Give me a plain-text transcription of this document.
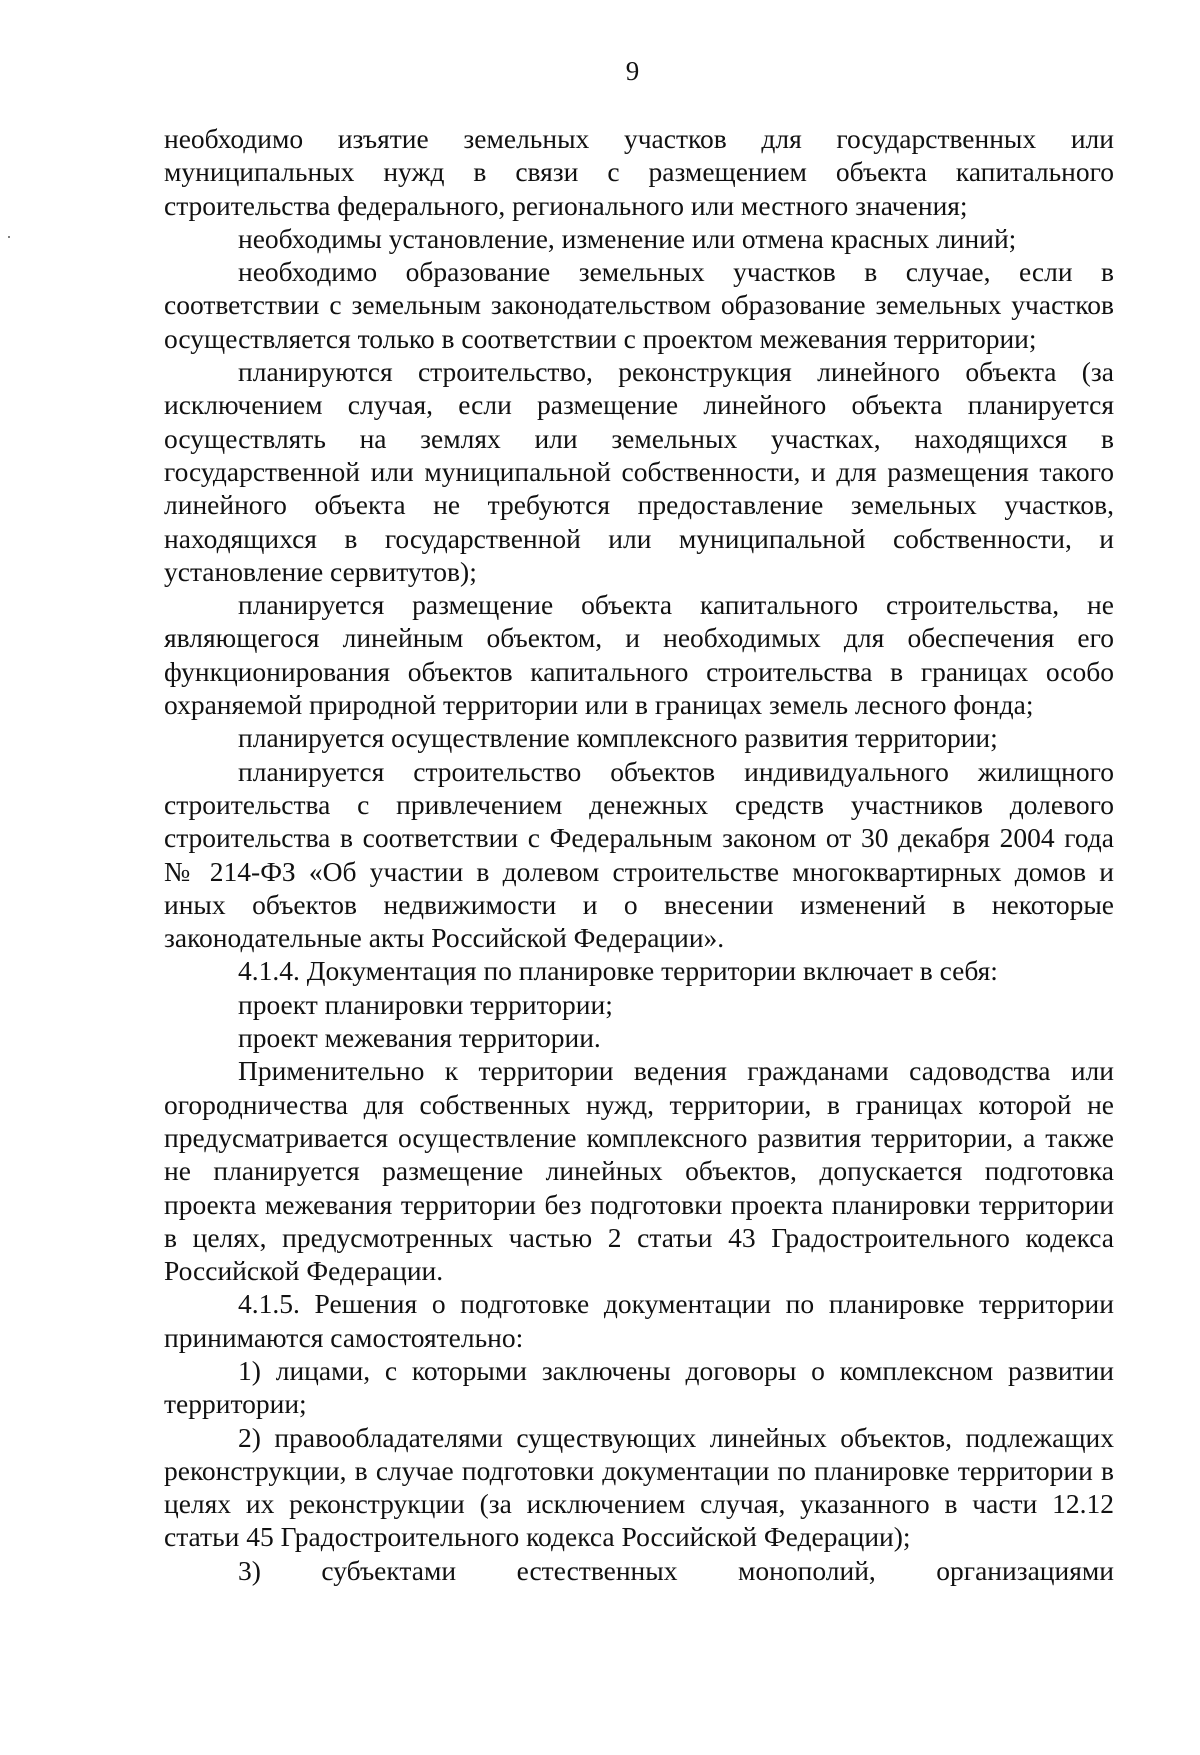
9

необходимо изъятие земельных участков для государственных или муниципальных нужд в связи с размещением объекта капитального строительства федерального, регионального или местного значения;

необходимы установление, изменение или отмена красных линий;

необходимо образование земельных участков в случае, если в соответствии с земельным законодательством образование земельных участков осуществляется только в соответствии с проектом межевания территории;

планируются строительство, реконструкция линейного объекта (за исключением случая, если размещение линейного объекта планируется осуществлять на землях или земельных участках, находящихся в государственной или муниципальной собственности, и для размещения такого линейного объекта не требуются предоставление земельных участков, находящихся в государственной или муниципальной собственности, и установление сервитутов);

планируется размещение объекта капитального строительства, не являющегося линейным объектом, и необходимых для обеспечения его функционирования объектов капитального строительства в границах особо охраняемой природной территории или в границах земель лесного фонда;

планируется осуществление комплексного развития территории;

планируется строительство объектов индивидуального жилищного строительства с привлечением денежных средств участников долевого строительства в соответствии с Федеральным законом от 30 декабря 2004 года № 214-ФЗ «Об участии в долевом строительстве многоквартирных домов и иных объектов недвижимости и о внесении изменений в некоторые законодательные акты Российской Федерации».

4.1.4. Документация по планировке территории включает в себя:

проект планировки территории;

проект межевания территории.

Применительно к территории ведения гражданами садоводства или огородничества для собственных нужд, территории, в границах которой не предусматривается осуществление комплексного развития территории, а также не планируется размещение линейных объектов, допускается подготовка проекта межевания территории без подготовки проекта планировки территории в целях, предусмотренных частью 2 статьи 43 Градостроительного кодекса Российской Федерации.

4.1.5. Решения о подготовке документации по планировке территории принимаются самостоятельно:

1) лицами, с которыми заключены договоры о комплексном развитии территории;

2) правообладателями существующих линейных объектов, подлежащих реконструкции, в случае подготовки документации по планировке территории в целях их реконструкции (за исключением случая, указанного в части 12.12 статьи 45 Градостроительного кодекса Российской Федерации);

3) субъектами естественных монополий, организациями
